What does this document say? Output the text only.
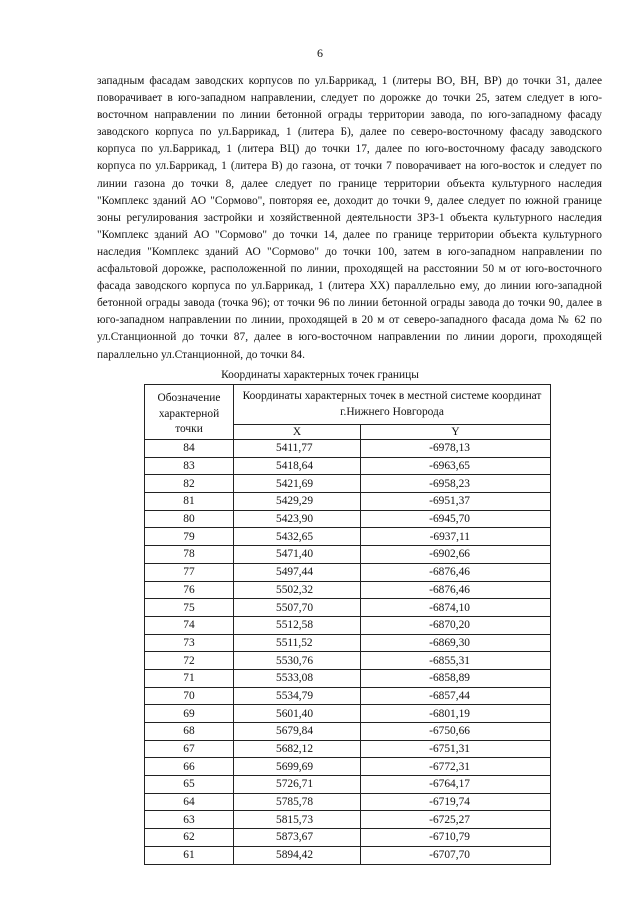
6
западным фасадам заводских корпусов по ул.Баррикад, 1 (литеры ВО, ВН, ВР) до точки 31, далее поворачивает в юго-западном направлении, следует по дорожке до точки 25, затем следует в юго-восточном направлении по линии бетонной ограды территории завода, по юго-западному фасаду заводского корпуса по ул.Баррикад, 1 (литера Б), далее по северо-восточному фасаду заводского корпуса по ул.Баррикад, 1 (литера ВЦ) до точки 17, далее по юго-восточному фасаду заводского корпуса по ул.Баррикад, 1 (литера В) до газона, от точки 7 поворачивает на юго-восток и следует по линии газона до точки 8, далее следует по границе территории объекта культурного наследия "Комплекс зданий АО "Сормово", повторяя ее, доходит до точки 9, далее следует по южной границе зоны регулирования застройки и хозяйственной деятельности ЗРЗ-1 объекта культурного наследия "Комплекс зданий АО "Сормово" до точки 14, далее по границе территории объекта культурного наследия "Комплекс зданий АО "Сормово" до точки 100, затем в юго-западном направлении по асфальтовой дорожке, расположенной по линии, проходящей на расстоянии 50 м от юго-восточного фасада заводского корпуса по ул.Баррикад, 1 (литера ХХ) параллельно ему, до линии юго-западной бетонной ограды завода (точка 96); от точки 96 по линии бетонной ограды завода до точки 90, далее в юго-западном направлении по линии, проходящей в 20 м от северо-западного фасада дома № 62 по ул.Станционной до точки 87, далее в юго-восточном направлении по линии дороги, проходящей параллельно ул.Станционной, до точки 84.
Координаты характерных точек границы
Обозначение характерной точки	Координаты характерных точек в местной системе координат г.Нижнего Новгорода	
	X	Y
84	5411,77	-6978,13
83	5418,64	-6963,65
82	5421,69	-6958,23
81	5429,29	-6951,37
80	5423,90	-6945,70
79	5432,65	-6937,11
78	5471,40	-6902,66
77	5497,44	-6876,46
76	5502,32	-6876,46
75	5507,70	-6874,10
74	5512,58	-6870,20
73	5511,52	-6869,30
72	5530,76	-6855,31
71	5533,08	-6858,89
70	5534,79	-6857,44
69	5601,40	-6801,19
68	5679,84	-6750,66
67	5682,12	-6751,31
66	5699,69	-6772,31
65	5726,71	-6764,17
64	5785,78	-6719,74
63	5815,73	-6725,27
62	5873,67	-6710,79
61	5894,42	-6707,70
